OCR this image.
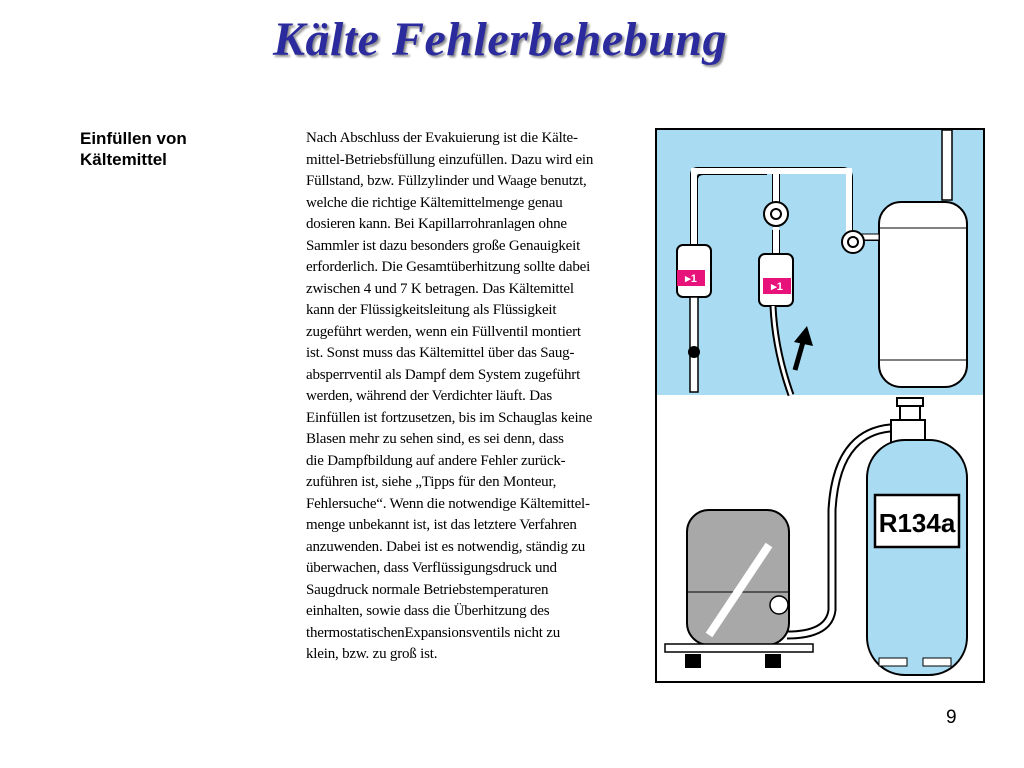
Kälte Fehlerbehebung
Einfüllen von Kältemittel
Nach Abschluss der Evakuierung ist die Kälte-
mittel-Betriebsfüllung einzufüllen. Dazu wird ein
Füllstand, bzw. Füllzylinder und Waage benutzt,
welche die richtige Kältemittelmenge genau
dosieren kann. Bei Kapillarrohranlagen ohne
Sammler ist dazu besonders große Genauigkeit
erforderlich. Die Gesamtüberhitzung sollte dabei
zwischen 4 und 7 K betragen. Das Kältemittel
kann der Flüssigkeitsleitung als Flüssigkeit
zugeführt werden, wenn ein Füllventil montiert
ist. Sonst muss das Kältemittel über das Saug-
absperrventil als Dampf dem System zugeführt
werden, während der Verdichter läuft. Das
Einfüllen ist fortzusetzen, bis im Schauglas keine
Blasen mehr zu sehen sind, es sei denn, dass
die Dampfbildung auf andere Fehler zurück-
zuführen ist, siehe „Tipps für den Monteur,
Fehlersuche“. Wenn die notwendige Kältemittel-
menge unbekannt ist, ist das letztere Verfahren
anzuwenden. Dabei ist es notwendig, ständig zu
überwachen, dass Verflüssigungsdruck und
Saugdruck normale Betriebstemperaturen
einhalten, sowie dass die Überhitzung des
thermostatischenExpansionsventils nicht zu
klein, bzw. zu groß ist.
▸1
▸1
R134a
9
